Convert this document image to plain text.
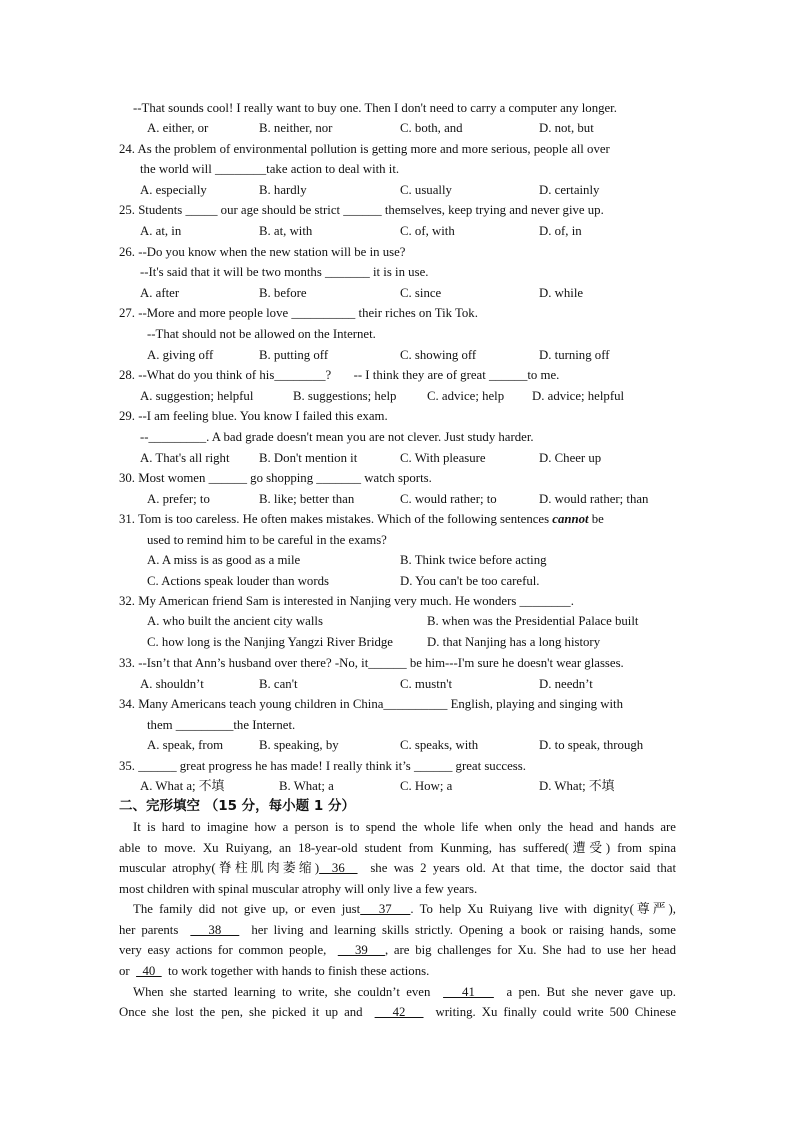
--That sounds cool! I really want to buy one. Then I don't need to carry a computer any longer.
A. either, or	B. neither, nor	C. both, and	D. not, but
24. As the problem of environmental pollution is getting more and more serious, people all over
the world will ________take action to deal with it.
A. especially	B. hardly	C. usually	D. certainly
25. Students _____ our age should be strict ______ themselves, keep trying and never give up.
A. at, in	B. at, with	C. of, with	D. of, in
26. --Do you know when the new station will be in use?
--It's said that it will be two months _______ it is in use.
A. after	B. before	C. since	D. while
27. --More and more people love __________ their riches on Tik Tok.
--That should not be allowed on the Internet.
A. giving off	B. putting off	C. showing off	D. turning off
28. --What do you think of his________?       -- I think they are of great ______to me.
A. suggestion; helpful	B. suggestions; help C. advice; help D. advice; helpful
29. --I am feeling blue. You know I failed this exam.
--_________. A bad grade doesn't mean you are not clever. Just study harder.
A. That's all right B. Don't mention it	C. With pleasure	D. Cheer up
30. Most women ______ go shopping _______ watch sports.
A. prefer; to	B. like; better than	C. would rather; to	D. would rather; than
31. Tom is too careless. He often makes mistakes. Which of the following sentences cannot be
used to remind him to be careful in the exams?
A. A miss is as good as a mile	B. Think twice before acting
C. Actions speak louder than words	D. You can't be too careful.
32. My American friend Sam is interested in Nanjing very much. He wonders ________.
A. who built the ancient city walls	B. when was the Presidential Palace built
C. how long is the Nanjing Yangzi River Bridge	D. that Nanjing has a long history
33. --Isn’t that Ann’s husband over there? -No, it______ be him---I'm sure he doesn't wear glasses.
A. shouldn’t	B. can't	C. mustn't	D. needn’t
34. Many Americans teach young children in China__________ English, playing and singing with
them _________the Internet.
A. speak, from	B. speaking, by	C. speaks, with	D. to speak, through
35. ______ great progress he has made! I really think it’s ______ great success.
A. What a; 不填	B. What; a	C. How; a	D. What; 不填
二、完形填空 （15 分，每小题 1 分）
It is hard to imagine how a person is to spend the whole life when only the head and hands are
able to move. Xu Ruiyang, an 18-year-old student from Kunming, has suffered(遭受) from spina
muscular atrophy(脊柱肌肉萎缩)  36    she was 2 years old. At that time, the doctor said that
most children with spinal muscular atrophy will only live a few years.
The family did not give up, or even just   37   . To help Xu Ruiyang live with dignity(尊严),
her parents     38     her living and learning skills strictly. Opening a book or raising hands, some
very easy actions for common people,     39   , are big challenges for Xu. She had to use her head
or    40    to work together with hands to finish these actions.
When she started learning to write, she couldn’t even     41     a pen. But she never gave up.
Once she lost the pen, she picked it up and     42     writing. Xu finally could write 500 Chinese
